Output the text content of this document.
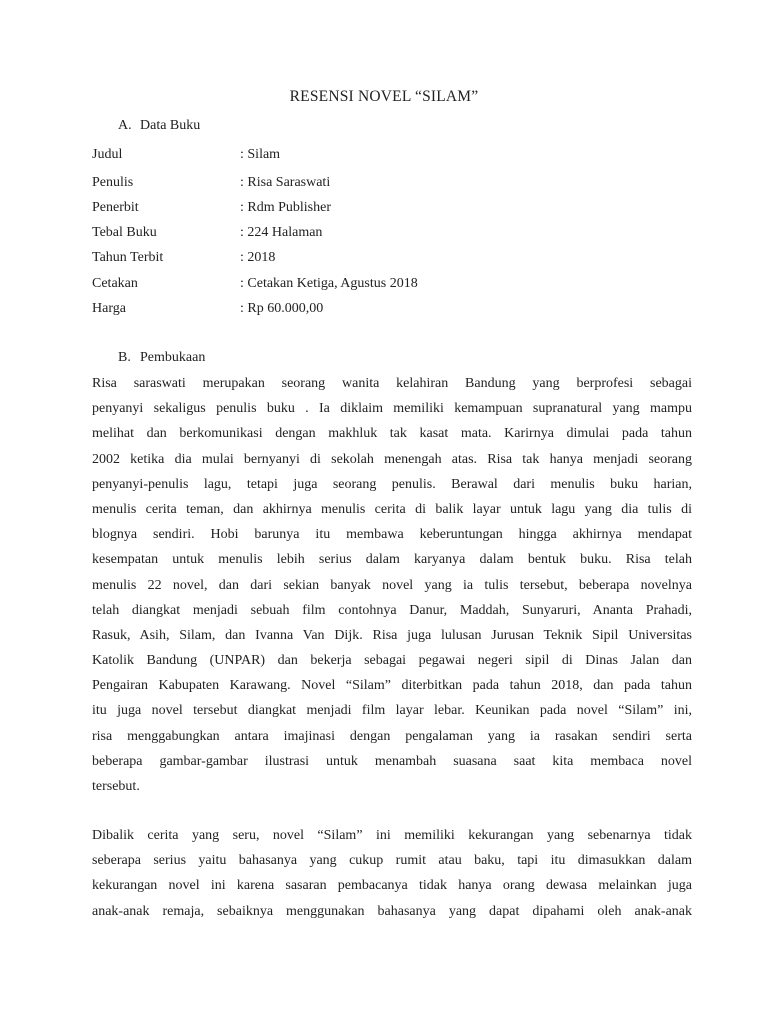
RESENSI NOVEL “SILAM”
A. Data Buku
Judul	: Silam
Penulis	: Risa Saraswati
Penerbit	: Rdm Publisher
Tebal Buku	: 224 Halaman
Tahun Terbit	: 2018
Cetakan	: Cetakan Ketiga, Agustus 2018
Harga	: Rp 60.000,00
B. Pembukaan
Risa saraswati merupakan seorang wanita kelahiran Bandung yang berprofesi sebagai
penyanyi sekaligus penulis buku . Ia diklaim memiliki kemampuan supranatural yang mampu
melihat dan berkomunikasi dengan makhluk tak kasat mata. Karirnya dimulai pada tahun
2002 ketika dia mulai bernyanyi di sekolah menengah atas. Risa tak hanya menjadi seorang
penyanyi-penulis lagu, tetapi juga seorang penulis. Berawal dari menulis buku harian,
menulis cerita teman, dan akhirnya menulis cerita di balik layar untuk lagu yang dia tulis di
blognya sendiri. Hobi barunya itu membawa keberuntungan hingga akhirnya mendapat
kesempatan untuk menulis lebih serius dalam karyanya dalam bentuk buku. Risa telah
menulis 22 novel, dan dari sekian banyak novel yang ia tulis tersebut, beberapa novelnya
telah diangkat menjadi sebuah film contohnya Danur, Maddah, Sunyaruri, Ananta Prahadi,
Rasuk, Asih, Silam, dan Ivanna Van Dijk. Risa juga lulusan Jurusan Teknik Sipil Universitas
Katolik Bandung (UNPAR) dan bekerja sebagai pegawai negeri sipil di Dinas Jalan dan
Pengairan Kabupaten Karawang. Novel “Silam” diterbitkan pada tahun 2018, dan pada tahun
itu juga novel tersebut diangkat menjadi film layar lebar. Keunikan pada novel “Silam” ini,
risa menggabungkan antara imajinasi dengan pengalaman yang ia rasakan sendiri serta
beberapa gambar-gambar ilustrasi untuk menambah suasana saat kita membaca novel
tersebut.
Dibalik cerita yang seru, novel “Silam” ini memiliki kekurangan yang sebenarnya tidak
seberapa serius yaitu bahasanya yang cukup rumit atau baku, tapi itu dimasukkan dalam
kekurangan novel ini karena sasaran pembacanya tidak hanya orang dewasa melainkan juga
anak-anak remaja, sebaiknya menggunakan bahasanya yang dapat dipahami oleh anak-anak
